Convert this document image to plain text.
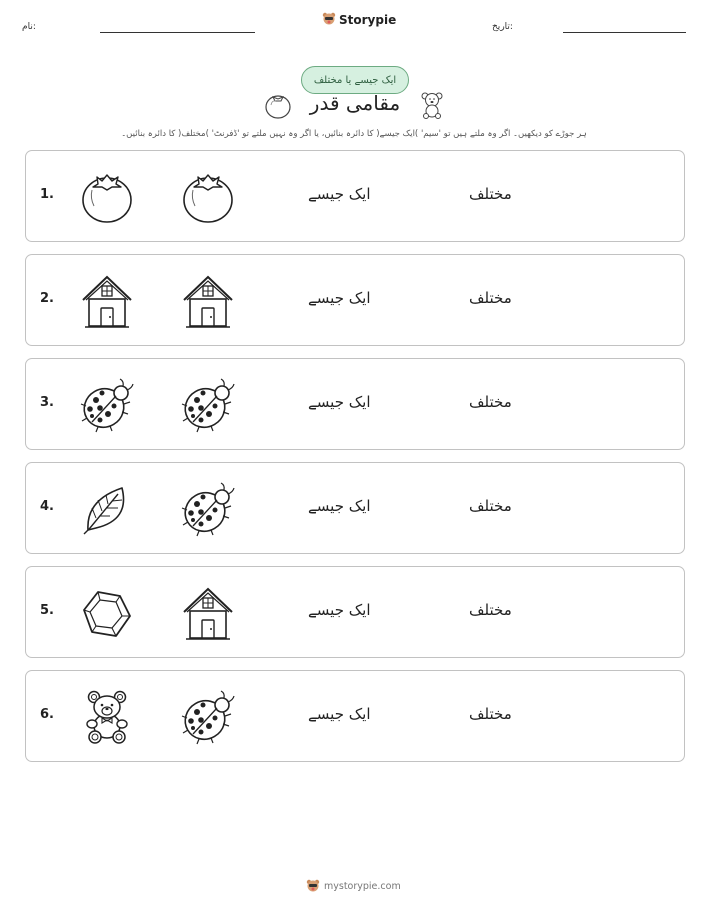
نام:
Storypie
تاریخ:
ایک جیسے یا مختلف
مقامی قدر
ہر جوڑے کو دیکھیں۔ اگر وہ ملتے ہیں تو 'سیم' )ایک جیسے( کا دائرہ بنائیں، یا اگر وہ نہیں ملتے تو 'ڈفرنٹ' )مختلف( کا دائرہ بنائیں۔
1.	ایک جیسے	مختلف
2.	ایک جیسے	مختلف
3.	ایک جیسے	مختلف
4.	ایک جیسے	مختلف
5.	ایک جیسے	مختلف
6.	ایک جیسے	مختلف
mystorypie.com
